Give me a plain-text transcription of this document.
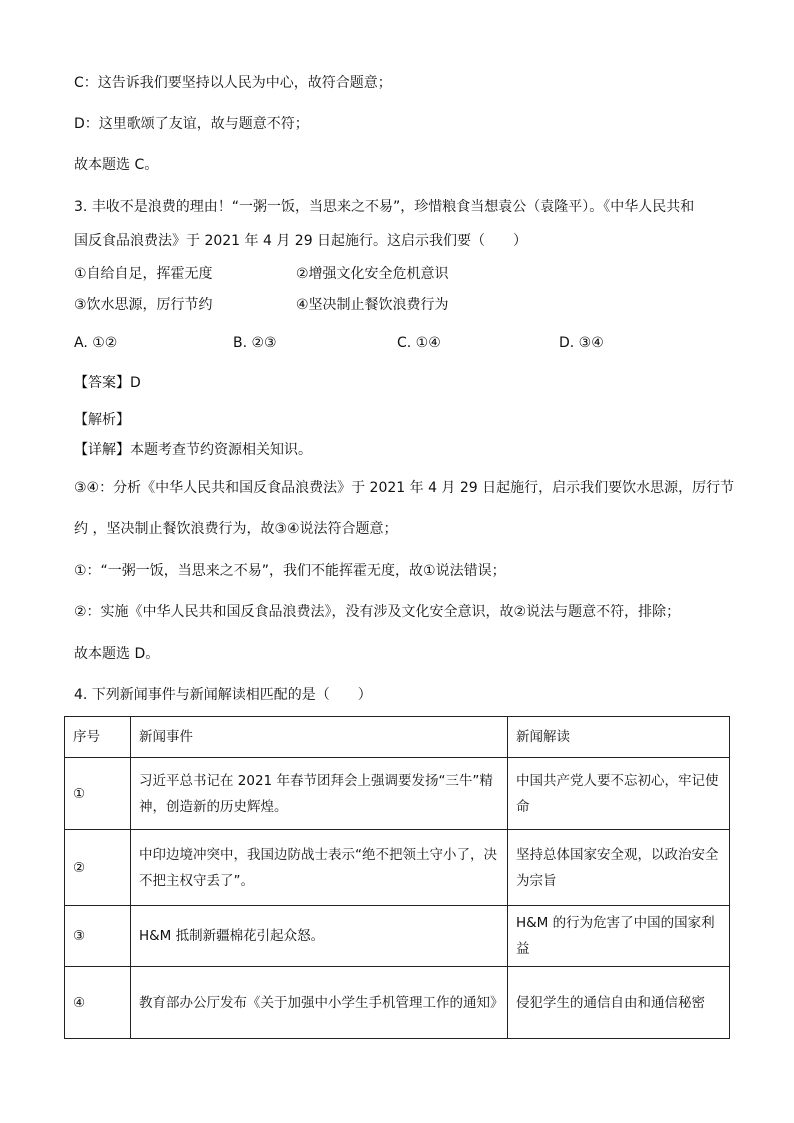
C：这告诉我们要坚持以人民为中心，故符合题意；
D：这里歌颂了友谊，故与题意不符；
故本题选 C。
3. 丰收不是浪费的理由！“一粥一饭，当思来之不易”，珍惜粮食当想袁公（袁隆平）。《中华人民共和
国反食品浪费法》于 2021 年 4 月 29 日起施行。这启示我们要（　　）
①自给自足，挥霍无度	②增强文化安全危机意识
③饮水思源，厉行节约	④坚决制止餐饮浪费行为
A. ①②	B. ②③	C. ①④	D. ③④
【答案】D
【解析】
【详解】本题考查节约资源相关知识。
③④：分析《中华人民共和国反食品浪费法》于 2021 年 4 月 29 日起施行，启示我们要饮水思源，厉行节
约 ，坚决制止餐饮浪费行为，故③④说法符合题意；
①：“一粥一饭，当思来之不易”，我们不能挥霍无度，故①说法错误；
②：实施《中华人民共和国反食品浪费法》，没有涉及文化安全意识，故②说法与题意不符，排除；
故本题选 D。
4. 下列新闻事件与新闻解读相匹配的是（　　）
序号	新闻事件	新闻解读
①	习近平总书记在 2021 年春节团拜会上强调要发扬“三牛”精神，创造新的历史辉煌。	中国共产党人要不忘初心，牢记使命
②	中印边境冲突中，我国边防战士表示“绝不把领土守小了，决不把主权守丢了”。	坚持总体国家安全观，以政治安全为宗旨
③	H&M 抵制新疆棉花引起众怒。	H&M 的行为危害了中国的国家利益
④	教育部办公厅发布《关于加强中小学生手机管理工作的通知》	侵犯学生的通信自由和通信秘密
